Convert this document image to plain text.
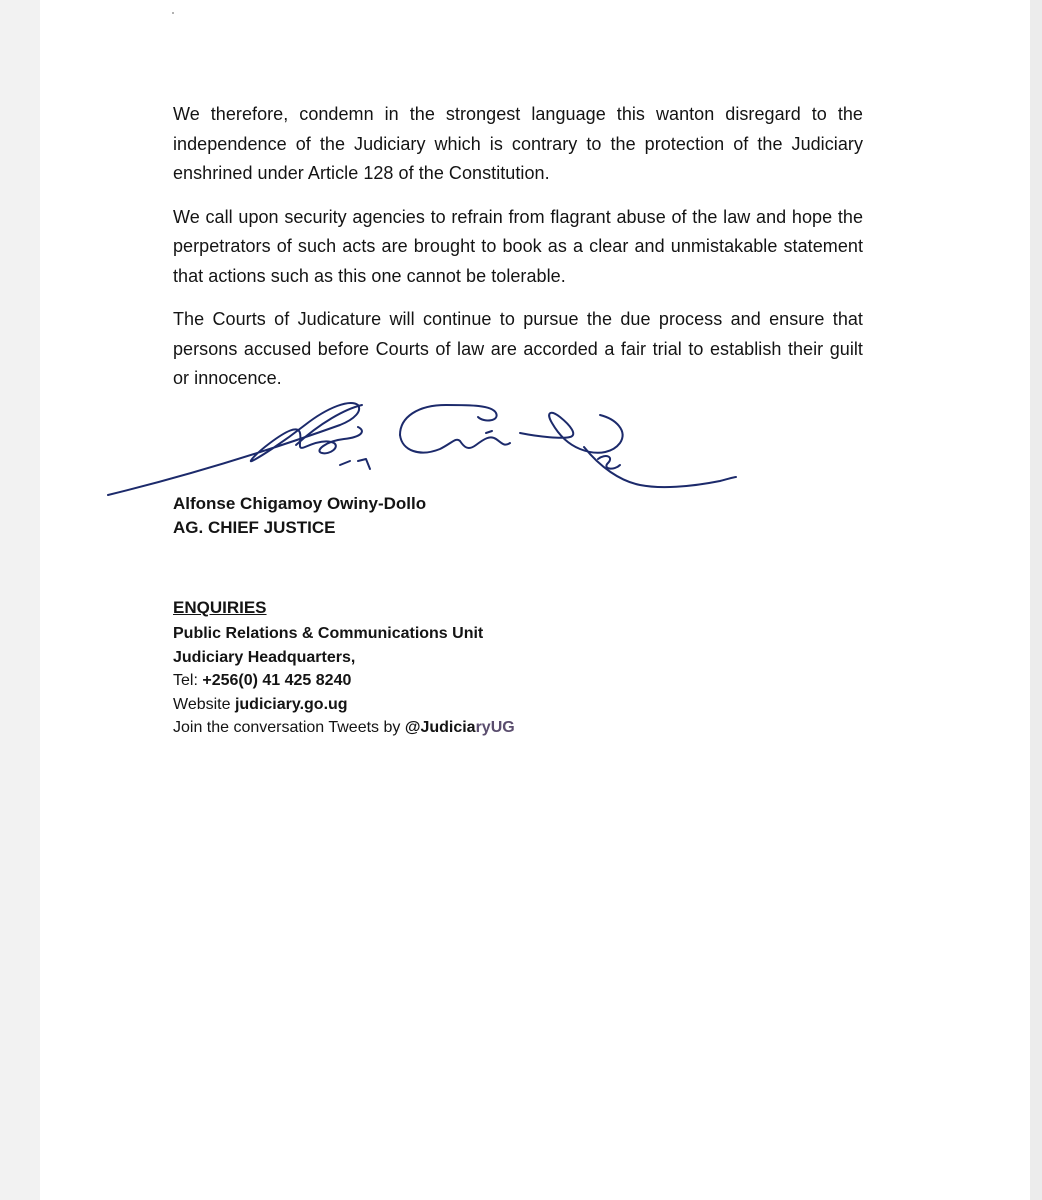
We therefore, condemn in the strongest language this wanton disregard to the independence of the Judiciary which is contrary to the protection of the Judiciary enshrined under Article 128 of the Constitution.

We call upon security agencies to refrain from flagrant abuse of the law and hope the perpetrators of such acts are brought to book as a clear and unmistakable statement that actions such as this one cannot be tolerable.

The Courts of Judicature will continue to pursue the due process and ensure that persons accused before Courts of law are accorded a fair trial to establish their guilt or innocence.

Alfonse Chigamoy Owiny-Dollo
AG. CHIEF JUSTICE
ENQUIRIES
Public Relations & Communications Unit
Judiciary Headquarters,
Tel: +256(0) 41 425 8240
Website judiciary.go.ug
Join the conversation Tweets by @JudiciaryUG
